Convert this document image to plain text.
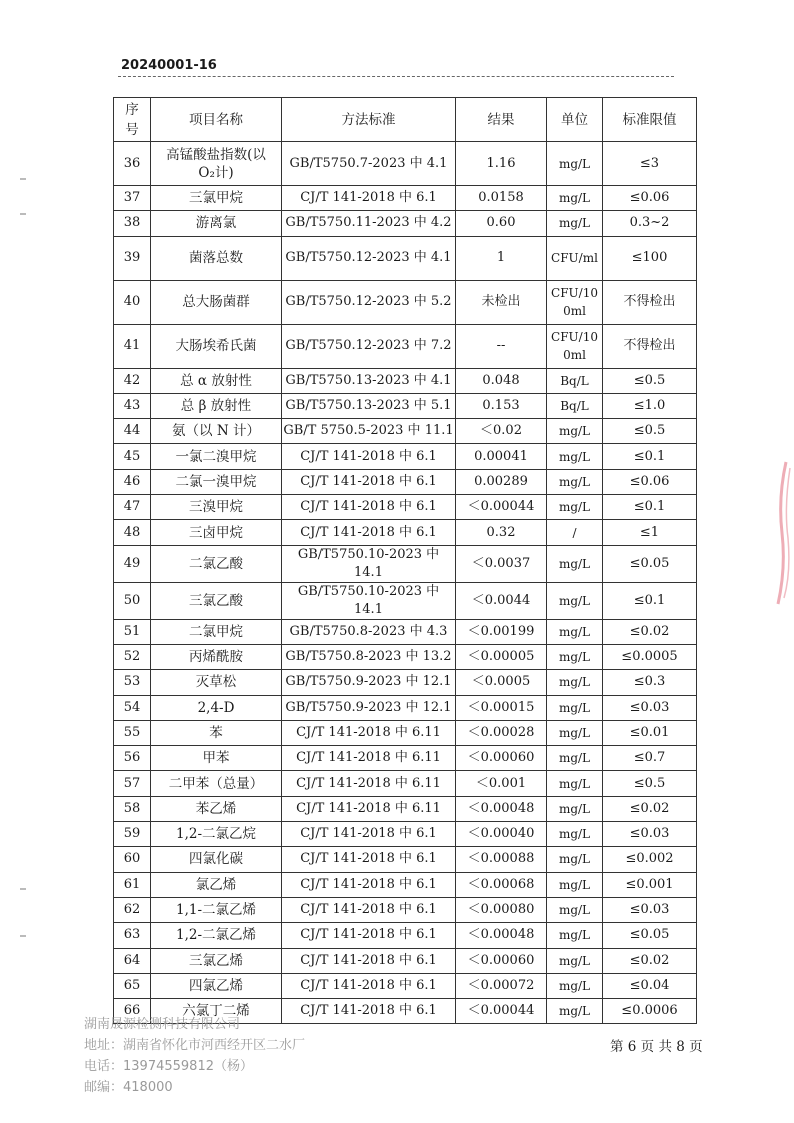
20240001-16
序号	项目名称	方法标准	结果	单位	标准限值
36	高锰酸盐指数(以O₂计)	GB/T5750.7-2023 中 4.1	1.16	mg/L	≤3
37	三氯甲烷	CJ/T 141-2018 中 6.1	0.0158	mg/L	≤0.06
38	游离氯	GB/T5750.11-2023 中 4.2	0.60	mg/L	0.3~2
39	菌落总数	GB/T5750.12-2023 中 4.1	1	CFU/ml	≤100
40	总大肠菌群	GB/T5750.12-2023 中 5.2	未检出	CFU/100ml	不得检出
41	大肠埃希氏菌	GB/T5750.12-2023 中 7.2	--	CFU/100ml	不得检出
42	总 α 放射性	GB/T5750.13-2023 中 4.1	0.048	Bq/L	≤0.5
43	总 β 放射性	GB/T5750.13-2023 中 5.1	0.153	Bq/L	≤1.0
44	氨（以 N 计）	GB/T 5750.5-2023 中 11.1	＜0.02	mg/L	≤0.5
45	一氯二溴甲烷	CJ/T 141-2018 中 6.1	0.00041	mg/L	≤0.1
46	二氯一溴甲烷	CJ/T 141-2018 中 6.1	0.00289	mg/L	≤0.06
47	三溴甲烷	CJ/T 141-2018 中 6.1	＜0.00044	mg/L	≤0.1
48	三卤甲烷	CJ/T 141-2018 中 6.1	0.32	/	≤1
49	二氯乙酸	GB/T5750.10-2023 中 14.1	＜0.0037	mg/L	≤0.05
50	三氯乙酸	GB/T5750.10-2023 中 14.1	＜0.0044	mg/L	≤0.1
51	二氯甲烷	GB/T5750.8-2023 中 4.3	＜0.00199	mg/L	≤0.02
52	丙烯酰胺	GB/T5750.8-2023 中 13.2	＜0.00005	mg/L	≤0.0005
53	灭草松	GB/T5750.9-2023 中 12.1	＜0.0005	mg/L	≤0.3
54	2,4-D	GB/T5750.9-2023 中 12.1	＜0.00015	mg/L	≤0.03
55	苯	CJ/T 141-2018 中 6.11	＜0.00028	mg/L	≤0.01
56	甲苯	CJ/T 141-2018 中 6.11	＜0.00060	mg/L	≤0.7
57	二甲苯（总量）	CJ/T 141-2018 中 6.11	＜0.001	mg/L	≤0.5
58	苯乙烯	CJ/T 141-2018 中 6.11	＜0.00048	mg/L	≤0.02
59	1,2-二氯乙烷	CJ/T 141-2018 中 6.1	＜0.00040	mg/L	≤0.03
60	四氯化碳	CJ/T 141-2018 中 6.1	＜0.00088	mg/L	≤0.002
61	氯乙烯	CJ/T 141-2018 中 6.1	＜0.00068	mg/L	≤0.001
62	1,1-二氯乙烯	CJ/T 141-2018 中 6.1	＜0.00080	mg/L	≤0.03
63	1,2-二氯乙烯	CJ/T 141-2018 中 6.1	＜0.00048	mg/L	≤0.05
64	三氯乙烯	CJ/T 141-2018 中 6.1	＜0.00060	mg/L	≤0.02
65	四氯乙烯	CJ/T 141-2018 中 6.1	＜0.00072	mg/L	≤0.04
66	六氯丁二烯	CJ/T 141-2018 中 6.1	＜0.00044	mg/L	≤0.0006
湖南晟源检测科技有限公司
地址：湖南省怀化市河西经开区二水厂
电话：13974559812（杨）
邮编：418000
第 6 页 共 8 页
